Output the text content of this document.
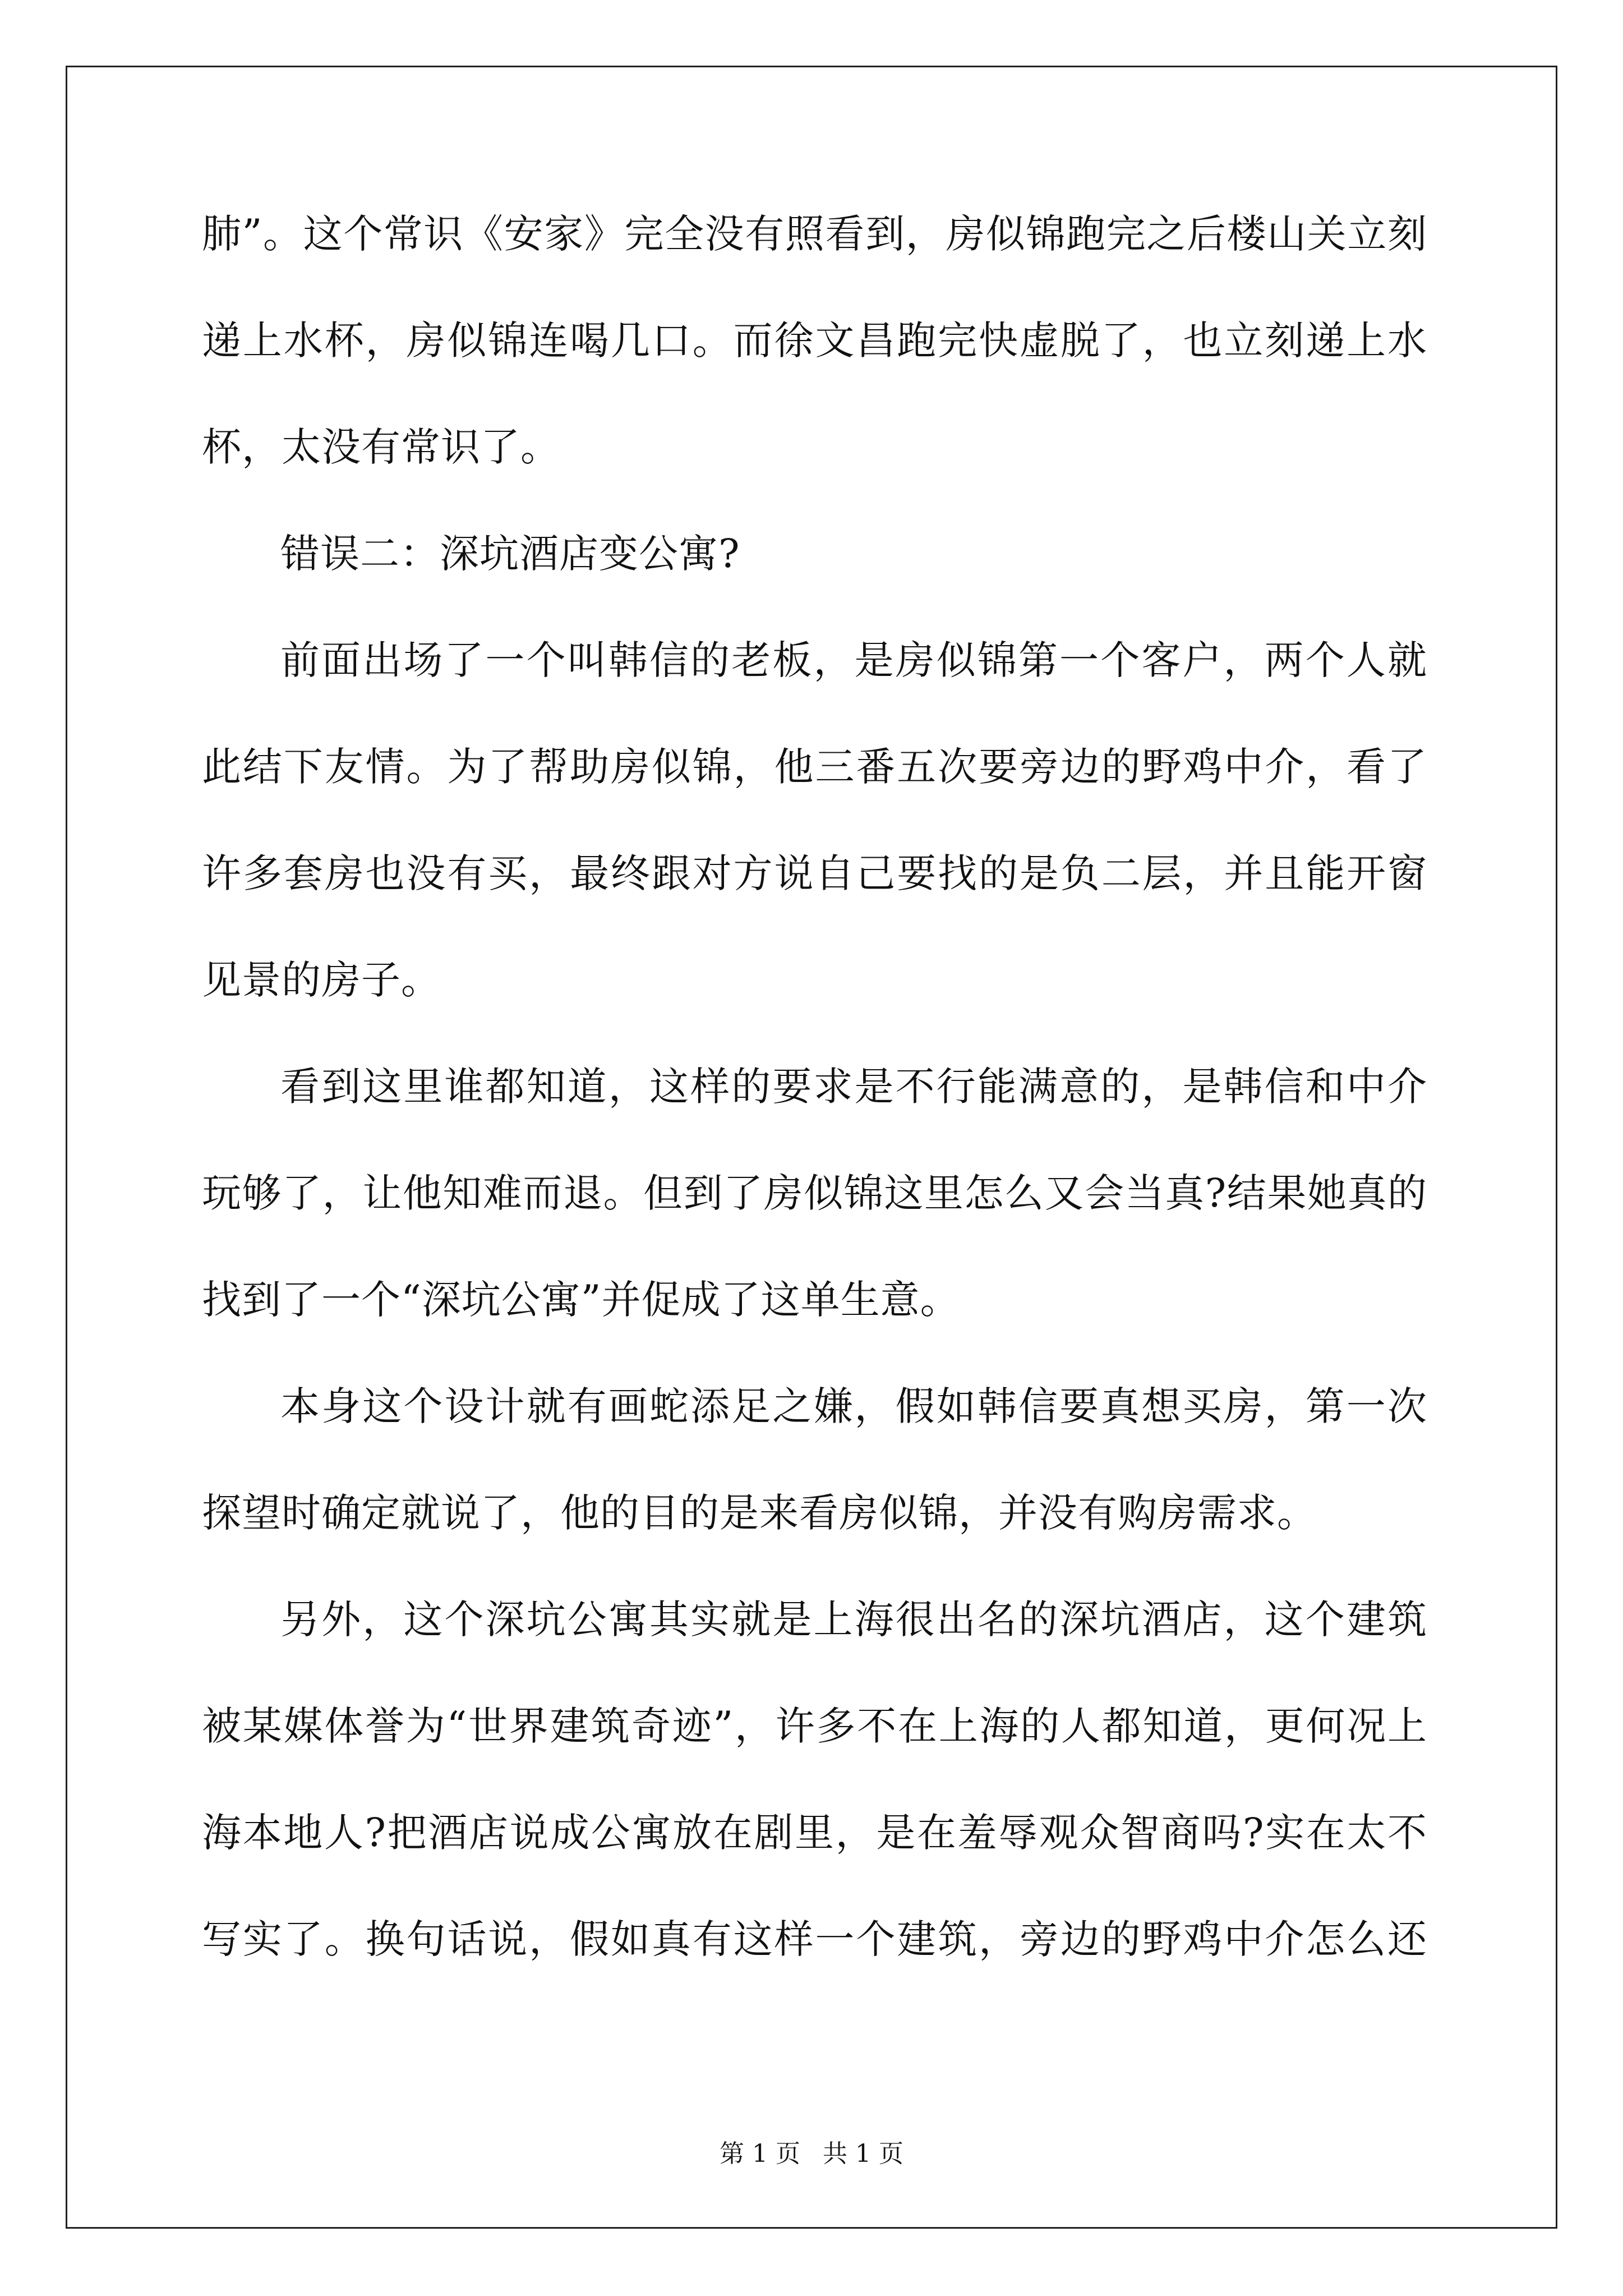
肺”。这个常识《安家》完全没有照看到，房似锦跑完之后楼山关立刻
递上水杯，房似锦连喝几口。而徐文昌跑完快虚脱了，也立刻递上水
杯，太没有常识了。
错误二：深坑酒店变公寓?
前面出场了一个叫韩信的老板，是房似锦第一个客户，两个人就
此结下友情。为了帮助房似锦，他三番五次要旁边的野鸡中介，看了
许多套房也没有买，最终跟对方说自己要找的是负二层，并且能开窗
见景的房子。
看到这里谁都知道，这样的要求是不行能满意的，是韩信和中介
玩够了，让他知难而退。但到了房似锦这里怎么又会当真?结果她真的
找到了一个“深坑公寓”并促成了这单生意。
本身这个设计就有画蛇添足之嫌，假如韩信要真想买房，第一次
探望时确定就说了，他的目的是来看房似锦，并没有购房需求。
另外，这个深坑公寓其实就是上海很出名的深坑酒店，这个建筑
被某媒体誉为“世界建筑奇迹”，许多不在上海的人都知道，更何况上
海本地人?把酒店说成公寓放在剧里，是在羞辱观众智商吗?实在太不
写实了。换句话说，假如真有这样一个建筑，旁边的野鸡中介怎么还
第 1 页 共 1 页
